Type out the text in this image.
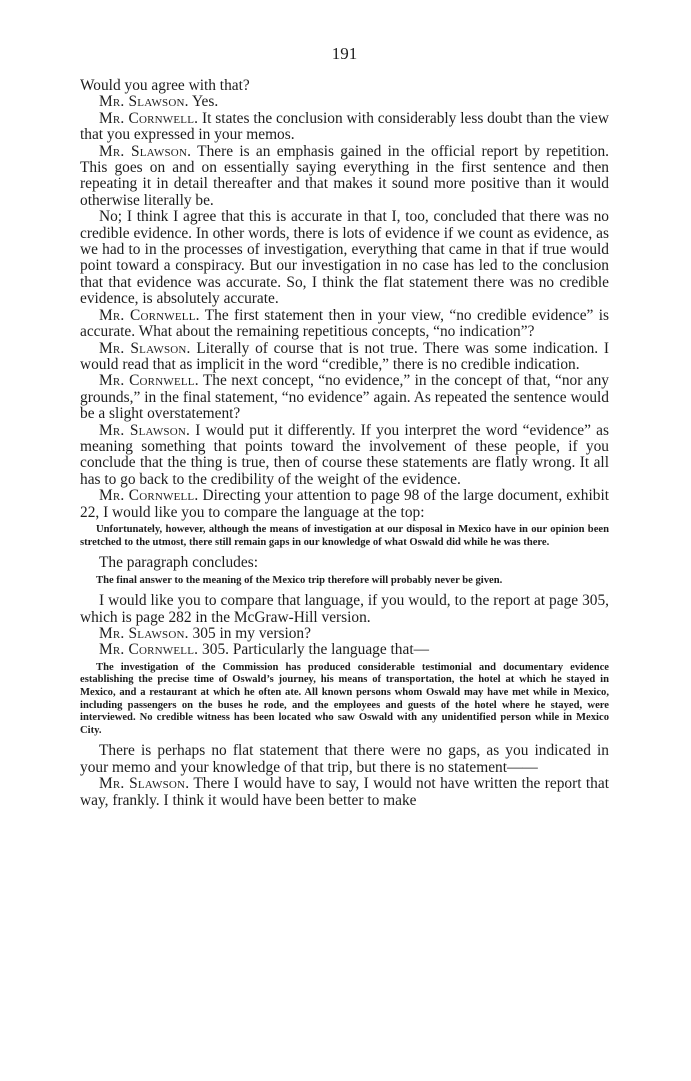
191

Would you agree with that?

Mr. Slawson. Yes.

Mr. Cornwell. It states the conclusion with considerably less doubt than the view that you expressed in your memos.

Mr. Slawson. There is an emphasis gained in the official report by repetition. This goes on and on essentially saying everything in the first sentence and then repeating it in detail thereafter and that makes it sound more positive than it would otherwise literally be.

No; I think I agree that this is accurate in that I, too, concluded that there was no credible evidence. In other words, there is lots of evidence if we count as evidence, as we had to in the processes of investigation, everything that came in that if true would point toward a conspiracy. But our investigation in no case has led to the conclusion that that evidence was accurate. So, I think the flat statement there was no credible evidence, is absolutely accurate.

Mr. Cornwell. The first statement then in your view, “no credible evidence” is accurate. What about the remaining repetitious concepts, “no indication”?

Mr. Slawson. Literally of course that is not true. There was some indication. I would read that as implicit in the word “credible,” there is no credible indication.

Mr. Cornwell. The next concept, “no evidence,” in the concept of that, “nor any grounds,” in the final statement, “no evidence” again. As repeated the sentence would be a slight overstatement?

Mr. Slawson. I would put it differently. If you interpret the word “evidence” as meaning something that points toward the involvement of these people, if you conclude that the thing is true, then of course these statements are flatly wrong. It all has to go back to the credibility of the weight of the evidence.

Mr. Cornwell. Directing your attention to page 98 of the large document, exhibit 22, I would like you to compare the language at the top:

Unfortunately, however, although the means of investigation at our disposal in Mexico have in our opinion been stretched to the utmost, there still remain gaps in our knowledge of what Oswald did while he was there.

The paragraph concludes:

The final answer to the meaning of the Mexico trip therefore will probably never be given.

I would like you to compare that language, if you would, to the report at page 305, which is page 282 in the McGraw-Hill version.

Mr. Slawson. 305 in my version?

Mr. Cornwell. 305. Particularly the language that—

The investigation of the Commission has produced considerable testimonial and documentary evidence establishing the precise time of Oswald’s journey, his means of transportation, the hotel at which he stayed in Mexico, and a restaurant at which he often ate. All known persons whom Oswald may have met while in Mexico, including passengers on the buses he rode, and the employees and guests of the hotel where he stayed, were interviewed. No credible witness has been located who saw Oswald with any unidentified person while in Mexico City.

There is perhaps no flat statement that there were no gaps, as you indicated in your memo and your knowledge of that trip, but there is no statement——

Mr. Slawson. There I would have to say, I would not have written the report that way, frankly. I think it would have been better to make
